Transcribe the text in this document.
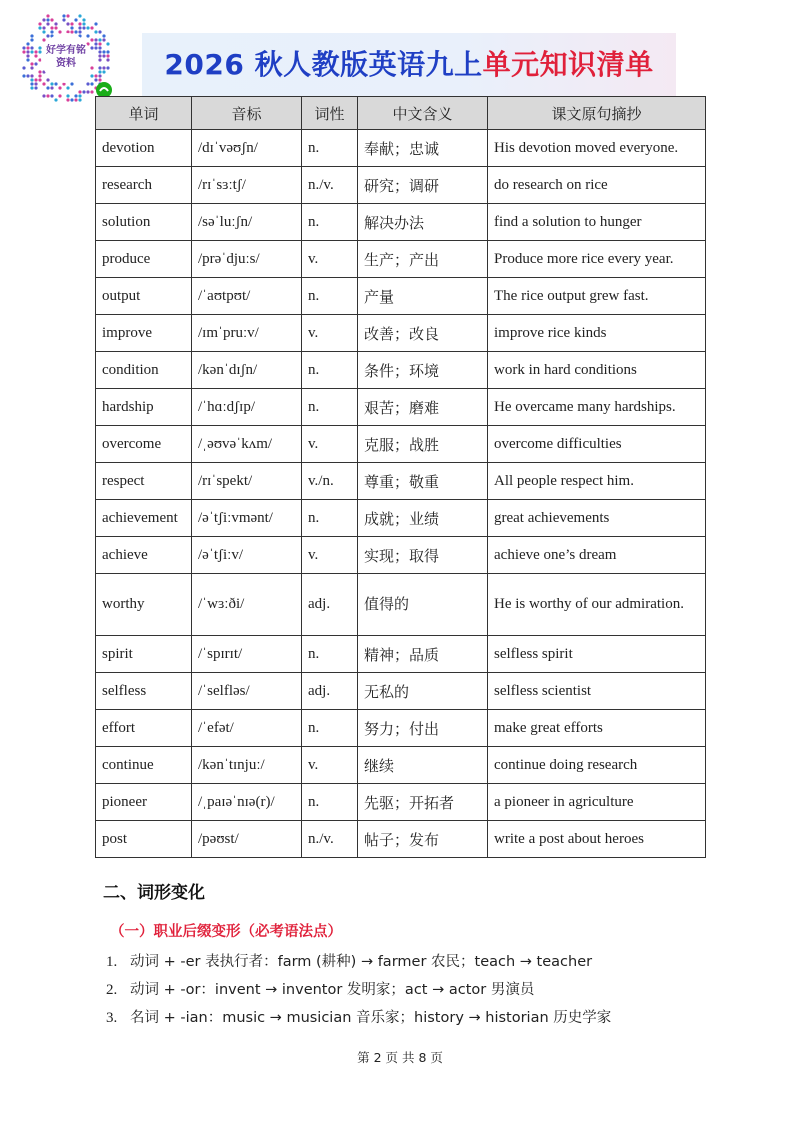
好学有铭
资料	2026 秋人教版英语九上单元知识清单
单词	音标	词性	中文含义	课文原句摘抄
devotion	/dɪˈvəʊʃn/	n.	奉献；忠诚	His devotion moved everyone.
research	/rɪˈsɜːtʃ/	n./v.	研究；调研	do research on rice
solution	/səˈluːʃn/	n.	解决办法	find a solution to hunger
produce	/prəˈdjuːs/	v.	生产；产出	Produce more rice every year.
output	/ˈaʊtpʊt/	n.	产量	The rice output grew fast.
improve	/ɪmˈpruːv/	v.	改善；改良	improve rice kinds
condition	/kənˈdɪʃn/	n.	条件；环境	work in hard conditions
hardship	/ˈhɑːdʃɪp/	n.	艰苦；磨难	He overcame many hardships.
overcome	/ˌəʊvəˈkʌm/	v.	克服；战胜	overcome difficulties
respect	/rɪˈspekt/	v./n.	尊重；敬重	All people respect him.
achievement	/əˈtʃiːvmənt/	n.	成就；业绩	great achievements
achieve	/əˈtʃiːv/	v.	实现；取得	achieve one’s dream
worthy	/ˈwɜːði/	adj.	值得的	He is worthy of our admiration.
spirit	/ˈspɪrɪt/	n.	精神；品质	selfless spirit
selfless	/ˈselfləs/	adj.	无私的	selfless scientist
effort	/ˈefət/	n.	努力；付出	make great efforts
continue	/kənˈtɪnjuː/	v.	继续	continue doing research
pioneer	/ˌpaɪəˈnɪə(r)/	n.	先驱；开拓者	a pioneer in agriculture
post	/pəʊst/	n./v.	帖子；发布	write a post about heroes
二、词形变化
（一）职业后缀变形（必考语法点）
1. 动词 + -er 表执行者：farm (耕种) → farmer 农民；teach → teacher
2. 动词 + -or：invent → inventor 发明家；act → actor 男演员
3. 名词 + -ian：music → musician 音乐家；history → historian 历史学家
第 2 页 共 8 页
